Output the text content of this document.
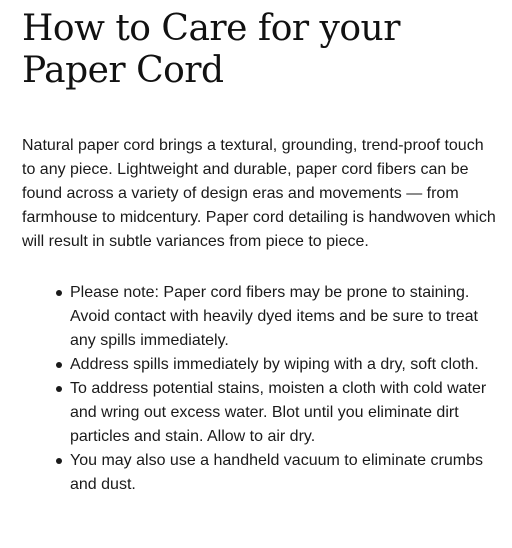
How to Care for your Paper Cord

Natural paper cord brings a textural, grounding, trend-proof touch to any piece. Lightweight and durable, paper cord fibers can be found across a variety of design eras and movements — from farmhouse to midcentury. Paper cord detailing is handwoven which will result in subtle variances from piece to piece.

Please note: Paper cord fibers may be prone to staining. Avoid contact with heavily dyed items and be sure to treat any spills immediately.
Address spills immediately by wiping with a dry, soft cloth.
To address potential stains, moisten a cloth with cold water and wring out excess water. Blot until you eliminate dirt particles and stain. Allow to air dry.
You may also use a handheld vacuum to eliminate crumbs and dust.
